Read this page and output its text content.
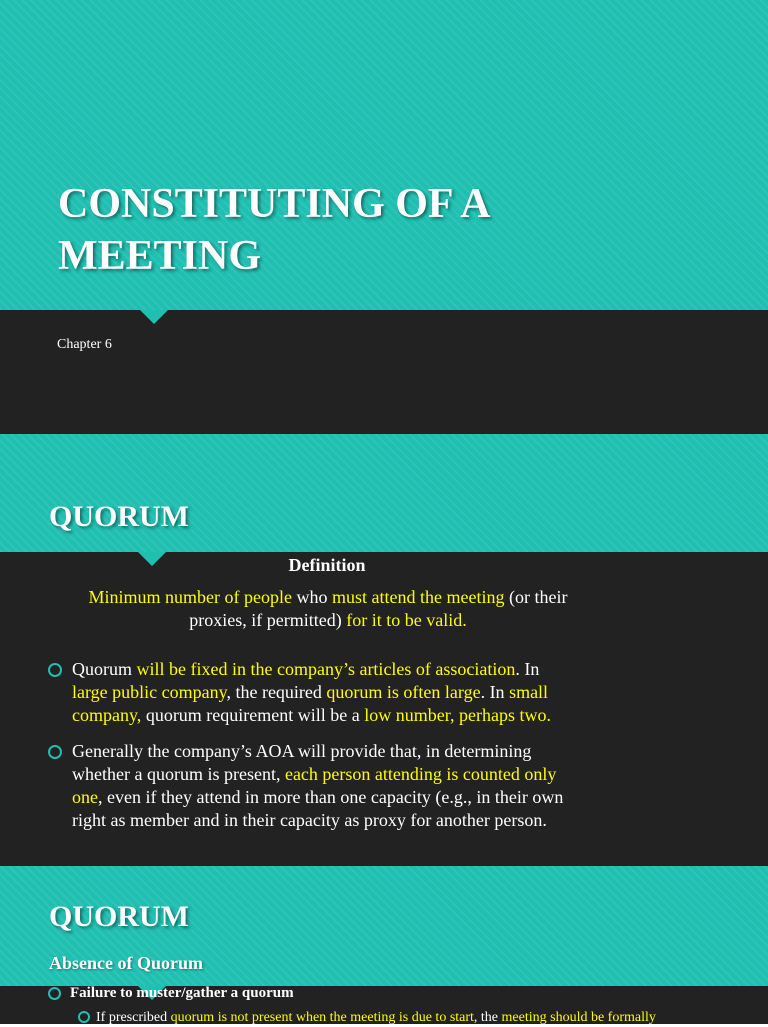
CONSTITUTING OF A
MEETING
Chapter 6
QUORUM
Definition
Minimum number of people who must attend the meeting (or their
proxies, if permitted) for it to be valid.
Quorum will be fixed in the company’s articles of association. In
large public company, the required quorum is often large. In small
company, quorum requirement will be a low number, perhaps two.
Generally the company’s AOA will provide that, in determining
whether a quorum is present, each person attending is counted only
one, even if they attend in more than one capacity (e.g., in their own
right as member and in their capacity as proxy for another person.
QUORUM
Absence of Quorum
Failure to muster/gather a quorum
If prescribed quorum is not present when the meeting is due to start, the meeting should be formally
